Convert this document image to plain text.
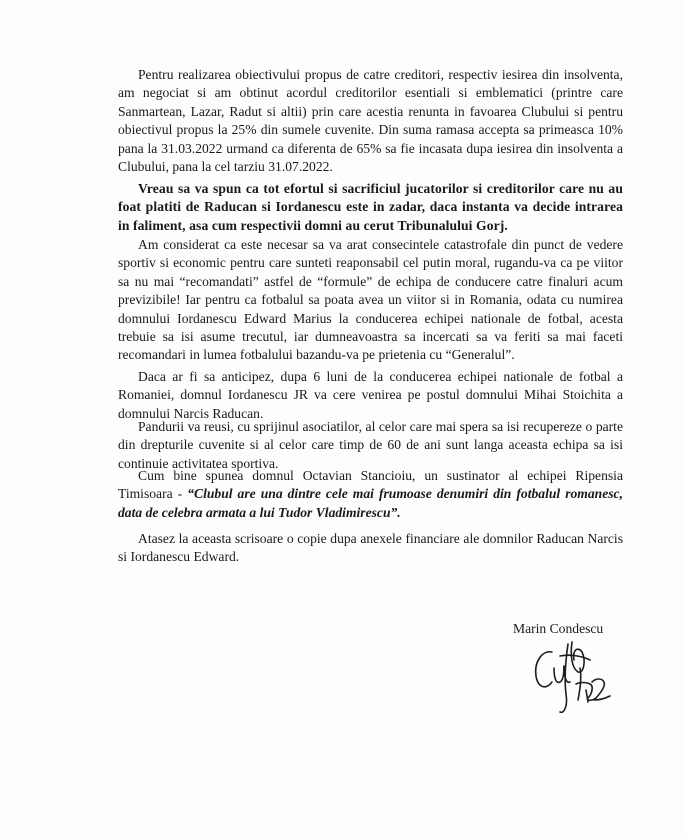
Pentru realizarea obiectivului propus de catre creditori, respectiv iesirea din insolventa, am negociat si am obtinut acordul creditorilor esentiali si emblematici (printre care Sanmartean, Lazar, Radut si altii) prin care acestia renunta in favoarea Clubului si pentru obiectivul propus la 25% din sumele cuvenite. Din suma ramasa accepta sa primeasca 10% pana la 31.03.2022 urmand ca diferenta de 65% sa fie incasata dupa iesirea din insolventa a Clubului, pana la cel tarziu 31.07.2022.

Vreau sa va spun ca tot efortul si sacrificiul jucatorilor si creditorilor care nu au foat platiti de Raducan si Iordanescu este in zadar, daca instanta va decide intrarea in faliment, asa cum respectivii domni au cerut Tribunalului Gorj.

Am considerat ca este necesar sa va arat consecintele catastrofale din punct de vedere sportiv si economic pentru care sunteti reaponsabil cel putin moral, rugandu-va ca pe viitor sa nu mai “recomandati” astfel de “formule” de echipa de conducere catre finaluri acum previzibile! Iar pentru ca fotbalul sa poata avea un viitor si in Romania, odata cu numirea domnului Iordanescu Edward Marius la conducerea echipei nationale de fotbal, acesta trebuie sa isi asume trecutul, iar dumneavoastra sa incercati sa va feriti sa mai faceti recomandari in lumea fotbalului bazandu-va pe prietenia cu “Generalul”.

Daca ar fi sa anticipez, dupa 6 luni de la conducerea echipei nationale de fotbal a Romaniei, domnul Iordanescu JR va cere venirea pe postul domnului Mihai Stoichita a domnului Narcis Raducan.

Pandurii va reusi, cu sprijinul asociatilor, al celor care mai spera sa isi recupereze o parte din drepturile cuvenite si al celor care timp de 60 de ani sunt langa aceasta echipa sa isi continuie activitatea sportiva.

Cum bine spunea domnul Octavian Stancioiu, un sustinator al echipei Ripensia Timisoara - “Clubul are una dintre cele mai frumoase denumiri din fotbalul romanesc, data de celebra armata a lui Tudor Vladimirescu”.

Atasez la aceasta scrisoare o copie dupa anexele financiare ale domnilor Raducan Narcis si Iordanescu Edward.

Marin Condescu
